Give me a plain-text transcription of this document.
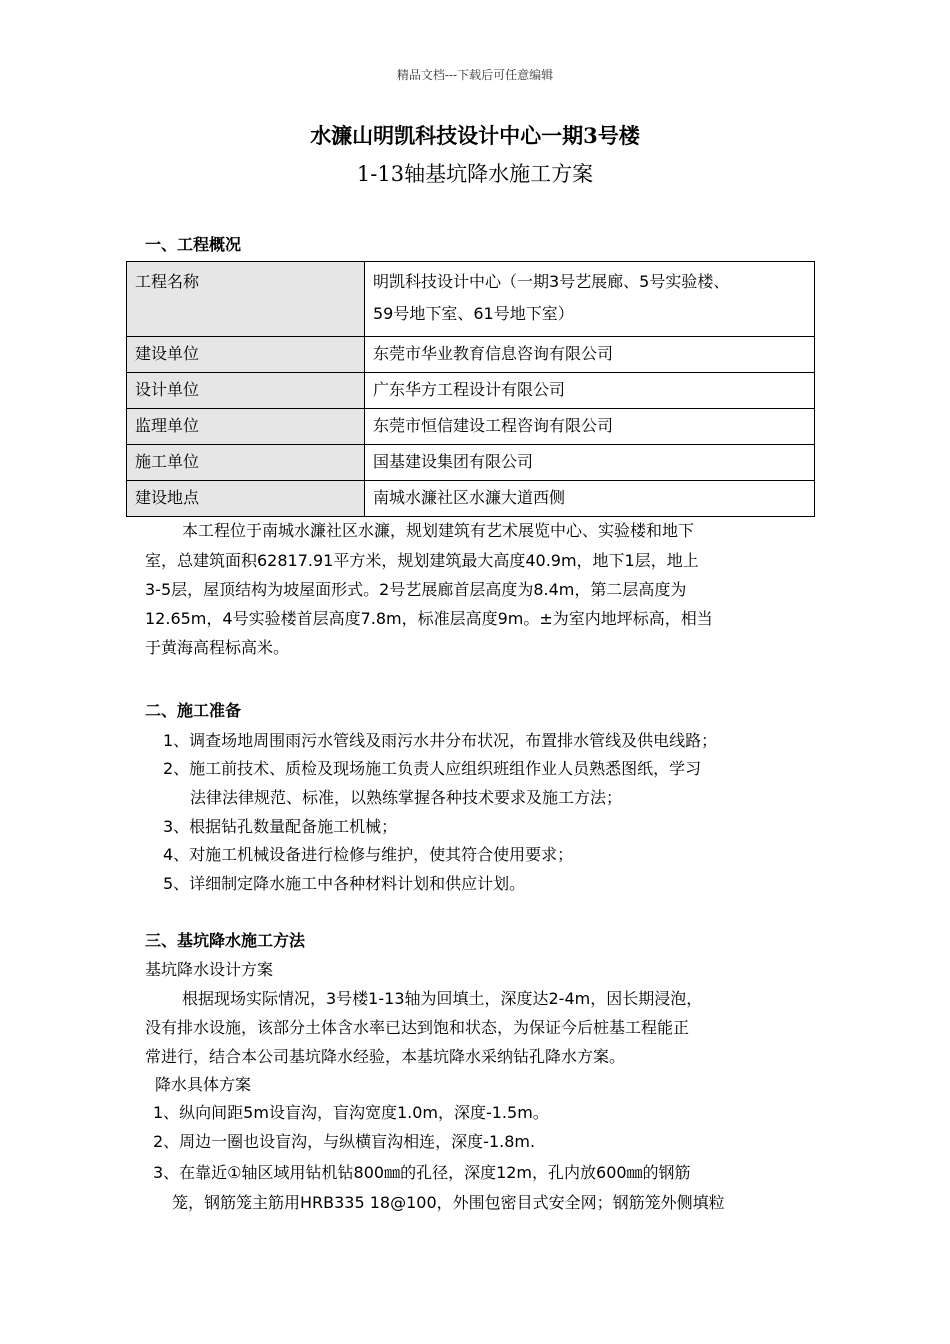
精品文档---下载后可任意编辑
水濂山明凯科技设计中心一期3号楼
1-13轴基坑降水施工方案
一、工程概况
工程名称	明凯科技设计中心（一期3号艺展廊、5号实验楼、
59号地下室、61号地下室）

建设单位	东莞市华业教育信息咨询有限公司
设计单位	广东华方工程设计有限公司
监理单位	东莞市恒信建设工程咨询有限公司
施工单位	国基建设集团有限公司
建设地点	南城水濂社区水濂大道西侧
本工程位于南城水濂社区水濂，规划建筑有艺术展览中心、实验楼和地下
室，总建筑面积62817.91平方米，规划建筑最大高度40.9m，地下1层，地上
3-5层，屋顶结构为坡屋面形式。2号艺展廊首层高度为8.4m，第二层高度为
12.65m，4号实验楼首层高度7.8m，标准层高度9m。±为室内地坪标高，相当
于黄海高程标高米。
二、施工准备
1、调查场地周围雨污水管线及雨污水井分布状况，布置排水管线及供电线路；
2、施工前技术、质检及现场施工负责人应组织班组作业人员熟悉图纸，学习
法律法律规范、标准，以熟练掌握各种技术要求及施工方法；
3、根据钻孔数量配备施工机械；
4、对施工机械设备进行检修与维护，使其符合使用要求；
5、详细制定降水施工中各种材料计划和供应计划。
三、基坑降水施工方法
基坑降水设计方案
根据现场实际情况，3号楼1-13轴为回填土，深度达2-4m，因长期浸泡，
没有排水设施，该部分土体含水率已达到饱和状态，为保证今后桩基工程能正
常进行，结合本公司基坑降水经验，本基坑降水采纳钻孔降水方案。
降水具体方案
1、纵向间距5m设盲沟，盲沟宽度1.0m，深度-1.5m。
2、周边一圈也设盲沟，与纵横盲沟相连，深度-1.8m.
3、在靠近①轴区域用钻机钻800㎜的孔径，深度12m，孔内放600㎜的钢筋
笼，钢筋笼主筋用HRB335 18@100，外围包密目式安全网；钢筋笼外侧填粒
